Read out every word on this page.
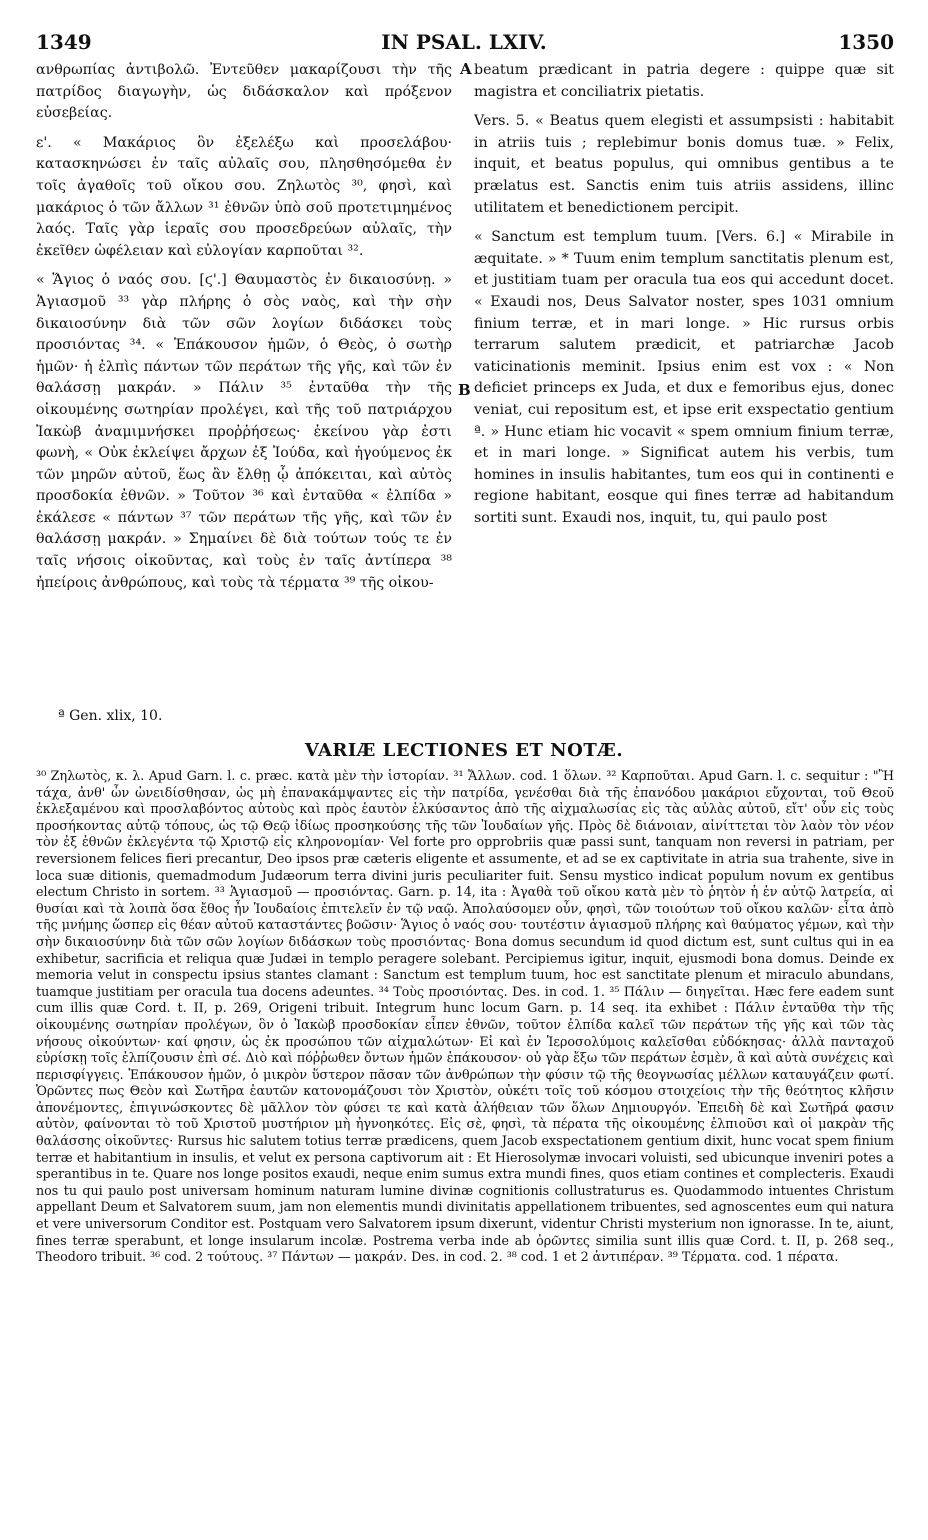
1349	IN PSAL. LXIV.	1350

ανθρωπίας ἀντιβολῶ. Ἐντεῦθεν μακαρίζουσι τὴν τῆς πατρίδος διαγωγὴν, ὡς διδάσκαλον καὶ πρόξενον εὐσεβείας.

ε'. « Μακάριος ὃν ἐξελέξω καὶ προσελάβου· κατασκηνώσει ἐν ταῖς αὐλαῖς σου, πλησθησόμεθα ἐν τοῖς ἀγαθοῖς τοῦ οἴκου σου. Ζηλωτὸς ³⁰, φησὶ, καὶ μακάριος ὁ τῶν ἄλλων ³¹ ἐθνῶν ὑπὸ σοῦ προτετιμημένος λαός. Ταῖς γὰρ ἱεραῖς σου προσεδρεύων αὐλαῖς, τὴν ἐκεῖθεν ὠφέλειαν καὶ εὐλογίαν καρποῦται ³².

« Ἅγιος ὁ ναός σου. [ϛ'.] Θαυμαστὸς ἐν δικαιοσύνῃ. » Ἁγιασμοῦ ³³ γὰρ πλήρης ὁ σὸς ναὸς, καὶ τὴν σὴν δικαιοσύνην διὰ τῶν σῶν λογίων διδάσκει τοὺς προσιόντας ³⁴. « Ἐπάκουσον ἡμῶν, ὁ Θεὸς, ὁ σωτὴρ ἡμῶν· ἡ ἐλπὶς πάντων τῶν περάτων τῆς γῆς, καὶ τῶν ἐν θαλάσσῃ μακράν. » Πάλιν ³⁵ ἐνταῦθα τὴν τῆς οἰκουμένης σωτηρίαν προλέγει, καὶ τῆς τοῦ πατριάρχου Ἰακὼβ ἀναμιμνήσκει προῤῥήσεως· ἐκείνου γὰρ ἐστι φωνὴ, « Οὐκ ἐκλείψει ἄρχων ἐξ Ἰούδα, καὶ ἡγούμενος ἐκ τῶν μηρῶν αὐτοῦ, ἕως ἂν ἔλθῃ ᾧ ἀπόκειται, καὶ αὐτὸς προσδοκία ἐθνῶν. » Τοῦτον ³⁶ καὶ ἐνταῦθα « ἐλπίδα » ἐκάλεσε « πάντων ³⁷ τῶν περάτων τῆς γῆς, καὶ τῶν ἐν θαλάσσῃ μακράν. » Σημαίνει δὲ διὰ τούτων τούς τε ἐν ταῖς νήσοις οἰκοῦντας, καὶ τοὺς ἐν ταῖς ἀντίπερα ³⁸ ἠπείροις ἀνθρώπους, καὶ τοὺς τὰ τέρματα ³⁹ τῆς οἰκου-

A
B

beatum prædicant in patria degere : quippe quæ sit magistra et conciliatrix pietatis.

Vers. 5. « Beatus quem elegisti et assumpsisti : habitabit in atriis tuis ; replebimur bonis domus tuæ. » Felix, inquit, et beatus populus, qui omnibus gentibus a te prælatus est. Sanctis enim tuis atriis assidens, illinc utilitatem et benedictionem percipit.

« Sanctum est templum tuum. [Vers. 6.] « Mirabile in æquitate. » * Tuum enim templum sanctitatis plenum est, et justitiam tuam per oracula tua eos qui accedunt docet. « Exaudi nos, Deus Salvator noster, spes 1031 omnium finium terræ, et in mari longe. » Hic rursus orbis terrarum salutem prædicit, et patriarchæ Jacob vaticinationis meminit. Ipsius enim est vox : « Non deficiet princeps ex Juda, et dux e femoribus ejus, donec veniat, cui repositum est, et ipse erit exspectatio gentium ª. » Hunc etiam hic vocavit « spem omnium finium terræ, et in mari longe. » Significat autem his verbis, tum homines in insulis habitantes, tum eos qui in continenti e regione habitant, eosque qui fines terræ ad habitandum sortiti sunt. Exaudi nos, inquit, tu, qui paulo post

ª Gen. xlix, 10.
VARIÆ LECTIONES ET NOTÆ.

³⁰ Ζηλωτὸς, κ. λ. Apud Garn. l. c. præc. κατὰ μὲν τὴν ἱστορίαν. ³¹ Ἄλλων. cod. 1 ὅλων. ³² Καρποῦται. Apud Garn. l. c. sequitur : "Ἢ τάχα, ἀνθ' ὧν ὠνειδίσθησαν, ὡς μὴ ἐπανακάμψαντες εἰς τὴν πατρίδα, γενέσθαι διὰ τῆς ἐπανόδου μακάριοι εὔχονται, τοῦ Θεοῦ ἐκλεξαμένου καὶ προσλαβόντος αὐτοὺς καὶ πρὸς ἑαυτὸν ἑλκύσαντος ἀπὸ τῆς αἰχμαλωσίας εἰς τὰς αὐλὰς αὐτοῦ, εἴτ' οὖν εἰς τοὺς προσήκοντας αὐτῷ τόπους, ὡς τῷ Θεῷ ἰδίως προσηκούσης τῆς τῶν Ἰουδαίων γῆς. Πρὸς δὲ διάνοιαν, αἰνίττεται τὸν λαὸν τὸν νέον τὸν ἐξ ἐθνῶν ἐκλεγέντα τῷ Χριστῷ εἰς κληρονομίαν· Vel forte pro opprobriis quæ passi sunt, tanquam non reversi in patriam, per reversionem felices fieri precantur, Deo ipsos præ cæteris eligente et assumente, et ad se ex captivitate in atria sua trahente, sive in loca suæ ditionis, quemadmodum Judæorum terra divini juris peculiariter fuit. Sensu mystico indicat populum novum ex gentibus electum Christo in sortem. ³³ Ἁγιασμοῦ — προσιόντας. Garn. p. 14, ita : Ἀγαθὰ τοῦ οἴκου κατὰ μὲν τὸ ῥητὸν ἡ ἐν αὐτῷ λατρεία, αἱ θυσίαι καὶ τὰ λοιπὰ ὅσα ἔθος ἦν Ἰουδαίοις ἐπιτελεῖν ἐν τῷ ναῷ. Ἀπολαύσομεν οὖν, φησὶ, τῶν τοιούτων τοῦ οἴκου καλῶν· εἶτα ἀπὸ τῆς μνήμης ὥσπερ εἰς θέαν αὐτοῦ καταστάντες βοῶσιν· Ἅγιος ὁ ναός σου· τουτέστιν ἁγιασμοῦ πλήρης καὶ θαύματος γέμων, καὶ τὴν σὴν δικαιοσύνην διὰ τῶν σῶν λογίων διδάσκων τοὺς προσιόντας· Bona domus secundum id quod dictum est, sunt cultus qui in ea exhibetur, sacrificia et reliqua quæ Judæi in templo peragere solebant. Percipiemus igitur, inquit, ejusmodi bona domus. Deinde ex memoria velut in conspectu ipsius stantes clamant : Sanctum est templum tuum, hoc est sanctitate plenum et miraculo abundans, tuamque justitiam per oracula tua docens adeuntes. ³⁴ Τοὺς προσιόντας. Des. in cod. 1. ³⁵ Πάλιν — διηγεῖται. Hæc fere eadem sunt cum illis quæ Cord. t. II, p. 269, Origeni tribuit. Integrum hunc locum Garn. p. 14 seq. ita exhibet : Πάλιν ἐνταῦθα τὴν τῆς οἰκουμένης σωτηρίαν προλέγων, ὃν ὁ Ἰακὼβ προσδοκίαν εἶπεν ἐθνῶν, τοῦτον ἐλπίδα καλεῖ τῶν περάτων τῆς γῆς καὶ τῶν τὰς νήσους οἰκούντων· καί φησιν, ὡς ἐκ προσώπου τῶν αἰχμαλώτων· Εἰ καὶ ἐν Ἱεροσολύμοις καλεῖσθαι εὐδόκησας· ἀλλὰ πανταχοῦ εὑρίσκῃ τοῖς ἐλπίζουσιν ἐπὶ σέ. Διὸ καὶ πόῤῥωθεν ὄντων ἡμῶν ἐπάκουσον· οὐ γὰρ ἔξω τῶν περάτων ἐσμὲν, ἃ καὶ αὐτὰ συνέχεις καὶ περισφίγγεις. Ἐπάκουσον ἡμῶν, ὁ μικρὸν ὕστερον πᾶσαν τῶν ἀνθρώπων τὴν φύσιν τῷ τῆς θεογνωσίας μέλλων καταυγάζειν φωτί. Ὁρῶντες πως Θεὸν καὶ Σωτῆρα ἑαυτῶν κατονομάζουσι τὸν Χριστὸν, οὐκέτι τοῖς τοῦ κόσμου στοιχείοις τὴν τῆς θεότητος κλῆσιν ἀπονέμοντες, ἐπιγινώσκοντες δὲ μᾶλλον τὸν φύσει τε καὶ κατὰ ἀλήθειαν τῶν ὅλων Δημιουργόν. Ἐπειδὴ δὲ καὶ Σωτῆρά φασιν αὐτὸν, φαίνονται τὸ τοῦ Χριστοῦ μυστήριον μὴ ἠγνοηκότες. Εἰς σὲ, φησὶ, τὰ πέρατα τῆς οἰκουμένης ἐλπιοῦσι καὶ οἱ μακρὰν τῆς θαλάσσης οἰκοῦντες· Rursus hic salutem totius terræ prædicens, quem Jacob exspectationem gentium dixit, hunc vocat spem finium terræ et habitantium in insulis, et velut ex persona captivorum ait : Et Hierosolymæ invocari voluisti, sed ubicunque inveniri potes a sperantibus in te. Quare nos longe positos exaudi, neque enim sumus extra mundi fines, quos etiam contines et complecteris. Exaudi nos tu qui paulo post universam hominum naturam lumine divinæ cognitionis collustraturus es. Quodammodo intuentes Christum appellant Deum et Salvatorem suum, jam non elementis mundi divinitatis appellationem tribuentes, sed agnoscentes eum qui natura et vere universorum Conditor est. Postquam vero Salvatorem ipsum dixerunt, videntur Christi mysterium non ignorasse. In te, aiunt, fines terræ sperabunt, et longe insularum incolæ. Postrema verba inde ab ὁρῶντες similia sunt illis quæ Cord. t. II, p. 268 seq., Theodoro tribuit. ³⁶ cod. 2 τούτους. ³⁷ Πάντων — μακράν. Des. in cod. 2. ³⁸ cod. 1 et 2 ἀντιπέραν. ³⁹ Τέρματα. cod. 1 πέρατα.
